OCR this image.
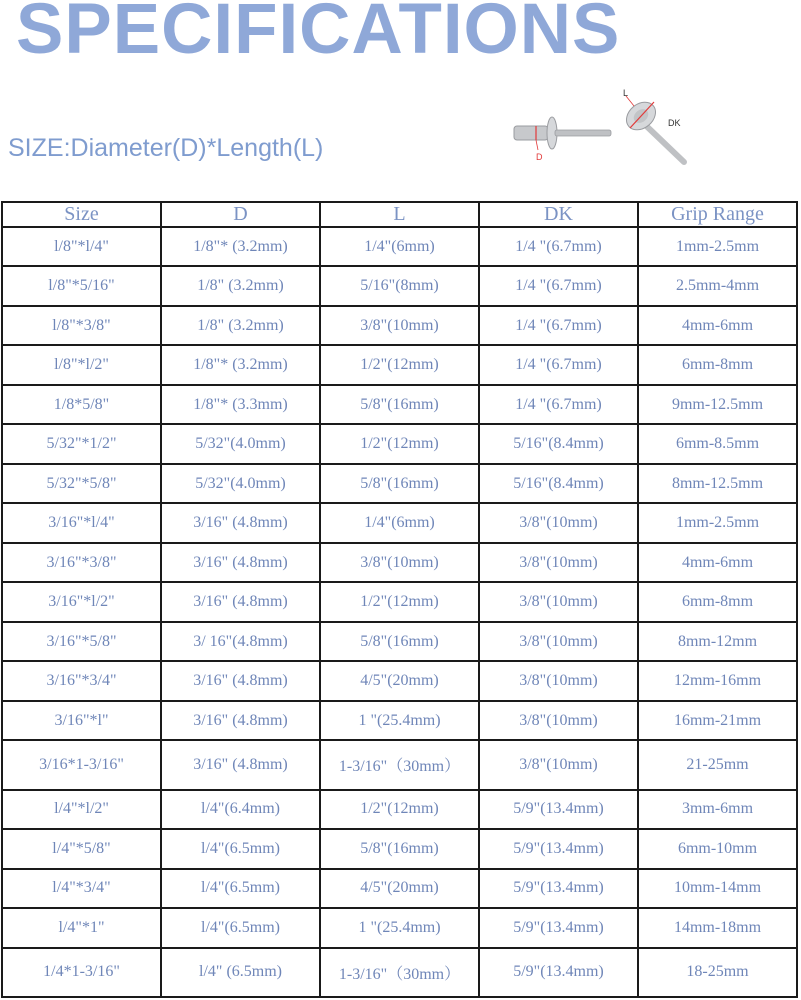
SPECIFICATIONS
SIZE:Diameter(D)*Length(L)	D
L
DK
Size	D	L	DK	Grip Range
l/8"*l/4"	1/8"* (3.2mm)	1/4"(6mm)	1/4 "(6.7mm)	1mm-2.5mm
l/8"*5/16"	1/8" (3.2mm)	5/16"(8mm)	1/4 "(6.7mm)	2.5mm-4mm
l/8"*3/8"	1/8" (3.2mm)	3/8"(10mm)	1/4 "(6.7mm)	4mm-6mm
l/8"*l/2"	1/8"* (3.2mm)	1/2"(12mm)	1/4 "(6.7mm)	6mm-8mm
1/8*5/8"	1/8"* (3.3mm)	5/8"(16mm)	1/4 "(6.7mm)	9mm-12.5mm
5/32"*1/2"	5/32"(4.0mm)	1/2"(12mm)	5/16"(8.4mm)	6mm-8.5mm
5/32"*5/8"	5/32"(4.0mm)	5/8"(16mm)	5/16"(8.4mm)	8mm-12.5mm
3/16"*l/4"	3/16" (4.8mm)	1/4"(6mm)	3/8"(10mm)	1mm-2.5mm
3/16"*3/8"	3/16" (4.8mm)	3/8"(10mm)	3/8"(10mm)	4mm-6mm
3/16"*l/2"	3/16" (4.8mm)	1/2"(12mm)	3/8"(10mm)	6mm-8mm
3/16"*5/8"	3/ 16"(4.8mm)	5/8"(16mm)	3/8"(10mm)	8mm-12mm
3/16"*3/4"	3/16" (4.8mm)	4/5"(20mm)	3/8"(10mm)	12mm-16mm
3/16"*l"	3/16" (4.8mm)	1 "(25.4mm)	3/8"(10mm)	16mm-21mm
3/16*1-3/16"	3/16" (4.8mm)	1-3/16"（30mm）	3/8"(10mm)	21-25mm
l/4"*l/2"	l/4"(6.4mm)	1/2"(12mm)	5/9"(13.4mm)	3mm-6mm
l/4"*5/8"	l/4"(6.5mm)	5/8"(16mm)	5/9"(13.4mm)	6mm-10mm
l/4"*3/4"	l/4"(6.5mm)	4/5"(20mm)	5/9"(13.4mm)	10mm-14mm
l/4"*1"	l/4"(6.5mm)	1 "(25.4mm)	5/9"(13.4mm)	14mm-18mm
1/4*1-3/16"	l/4" (6.5mm)	1-3/16"（30mm）	5/9"(13.4mm)	18-25mm
